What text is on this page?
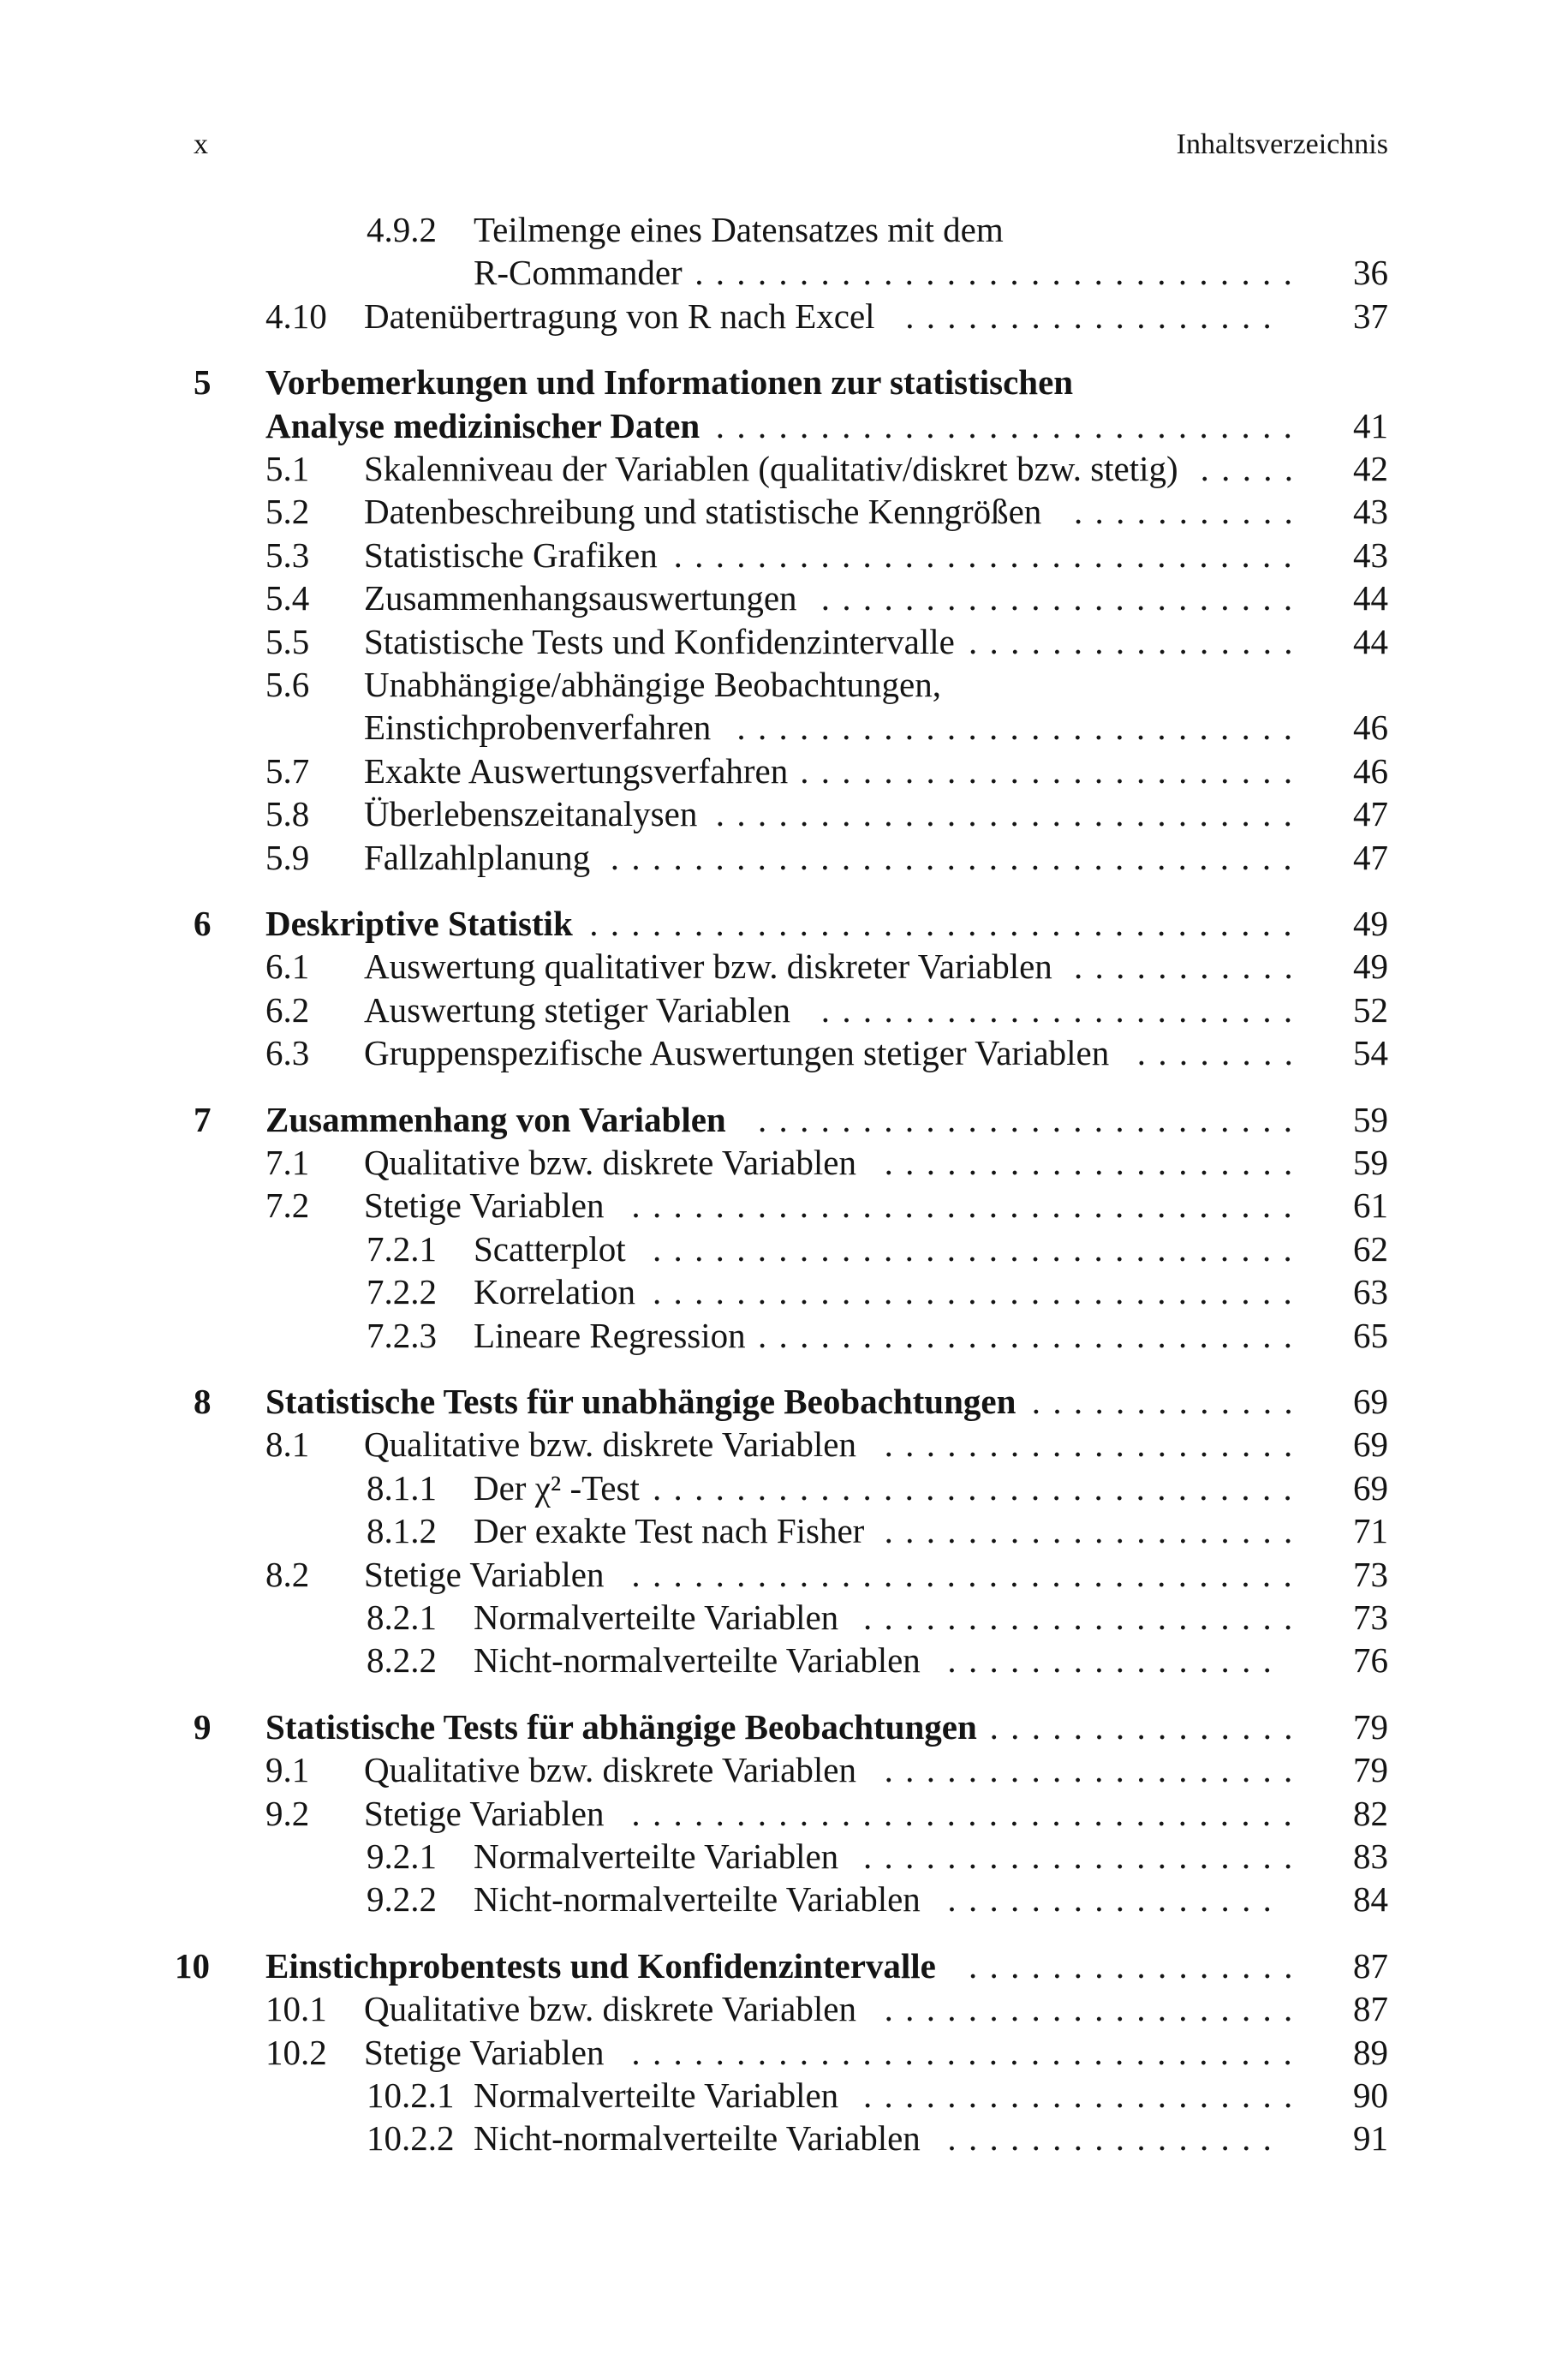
x	Inhaltsverzeichnis
4.9.2 Teilmenge eines Datensatzes mit dem
R-Commander ............................. 36
4.10 Datenübertragung von R nach Excel .................. 37
5 Vorbemerkungen und Informationen zur statistischen
Analyse medizinischer Daten ............................ 41
5.1 Skalenniveau der Variablen (qualitativ/diskret bzw. stetig) ..... 42
5.2 Datenbeschreibung und statistische Kenngrößen ........... 43
5.3 Statistische Grafiken .............................. 43
5.4 Zusammenhangsauswertungen ....................... 44
5.5 Statistische Tests und Konfidenzintervalle ................ 44
5.6 Unabhängige/abhängige Beobachtungen,
Einstichprobenverfahren ........................... 46
5.7 Exakte Auswertungsverfahren ........................ 46
5.8 Überlebenszeitanalysen ............................ 47
5.9 Fallzahlplanung ................................. 47
6 Deskriptive Statistik .................................. 49
6.1 Auswertung qualitativer bzw. diskreter Variablen ........... 49
6.2 Auswertung stetiger Variablen ....................... 52
6.3 Gruppenspezifische Auswertungen stetiger Variablen ........ 54
7 Zusammenhang von Variablen .......................... 59
7.1 Qualitative bzw. diskrete Variablen .................... 59
7.2 Stetige Variablen ................................ 61
7.2.1 Scatterplot ............................... 62
7.2.2 Korrelation ............................... 63
7.2.3 Lineare Regression .......................... 65
8 Statistische Tests für unabhängige Beobachtungen ............. 69
8.1 Qualitative bzw. diskrete Variablen .................... 69
8.1.1 Der χ² -Test ............................... 69
8.1.2 Der exakte Test nach Fisher .................... 71
8.2 Stetige Variablen ................................ 73
8.2.1 Normalverteilte Variablen ..................... 73
8.2.2 Nicht-normalverteilte Variablen ................ 76
9 Statistische Tests für abhängige Beobachtungen ............... 79
9.1 Qualitative bzw. diskrete Variablen .................... 79
9.2 Stetige Variablen ................................ 82
9.2.1 Normalverteilte Variablen ..................... 83
9.2.2 Nicht-normalverteilte Variablen ................ 84
10 Einstichprobentests und Konfidenzintervalle ................ 87
10.1 Qualitative bzw. diskrete Variablen .................... 87
10.2 Stetige Variablen ................................ 89
10.2.1 Normalverteilte Variablen ..................... 90
10.2.2 Nicht-normalverteilte Variablen ................ 91
